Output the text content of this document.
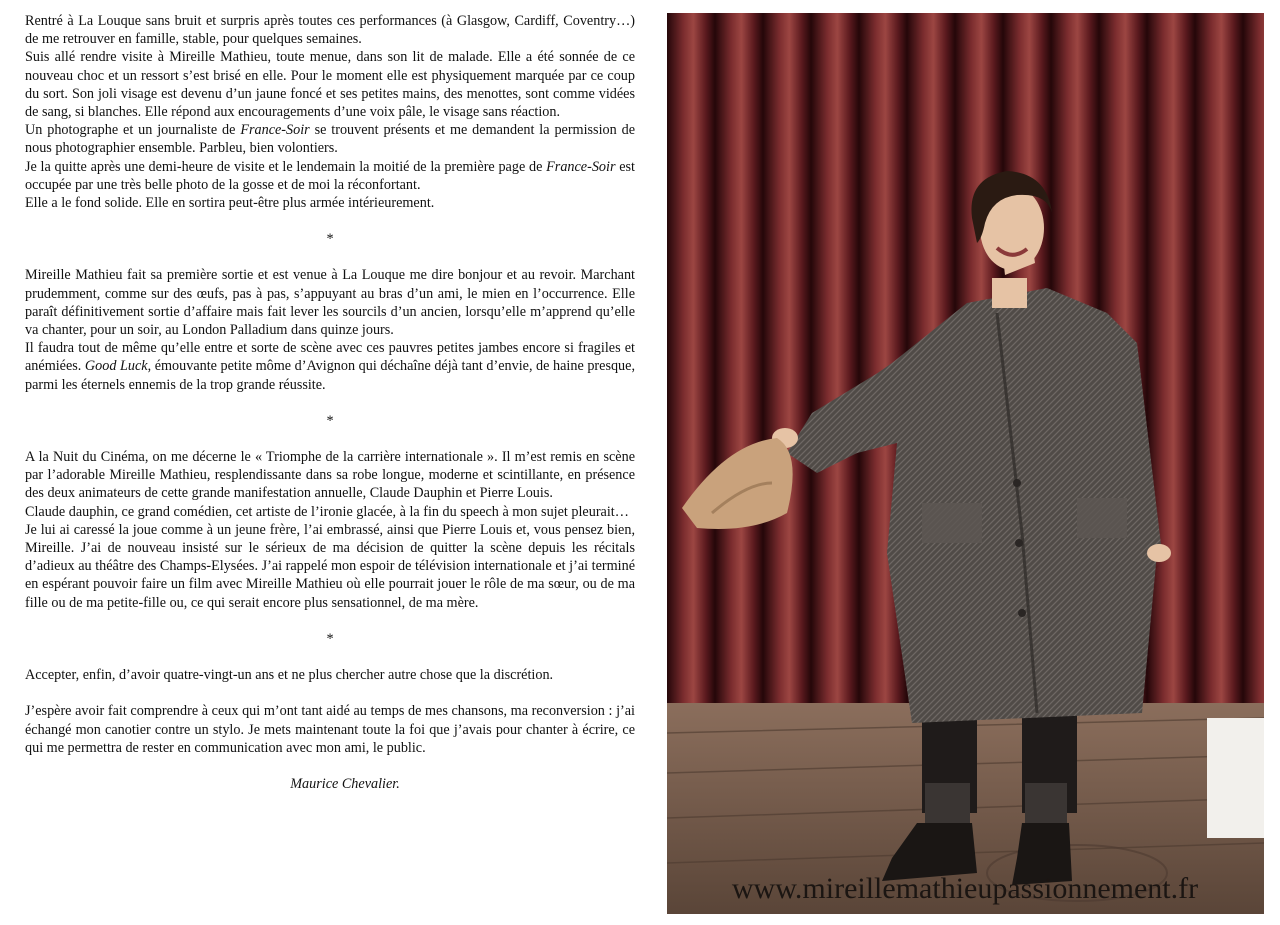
Rentré à La Louque sans bruit et surpris après toutes ces performances (à Glasgow, Cardiff, Coventry…) de me retrouver en famille, stable, pour quelques semaines.

Suis allé rendre visite à Mireille Mathieu, toute menue, dans son lit de malade. Elle a été sonnée de ce nouveau choc et un ressort s’est brisé en elle. Pour le moment elle est physiquement marquée par ce coup du sort. Son joli visage est devenu d’un jaune foncé et ses petites mains, des menottes, sont comme vidées de sang, si blanches. Elle répond aux encouragements d’une voix pâle, le visage sans réaction.

Un photographe et un journaliste de France-Soir se trouvent présents et me demandent la permission de nous photographier ensemble. Parbleu, bien volontiers.

Je la quitte après une demi-heure de visite et le lendemain la moitié de la première page de France-Soir est occupée par une très belle photo de la gosse et de moi la réconfortant.

Elle a le fond solide. Elle en sortira peut-être plus armée intérieurement.

*

Mireille Mathieu fait sa première sortie et est venue à La Louque me dire bonjour et au revoir. Marchant prudemment, comme sur des œufs, pas à pas, s’appuyant au bras d’un ami, le mien en l’occurrence. Elle paraît définitivement sortie d’affaire mais fait lever les sourcils d’un ancien, lorsqu’elle m’apprend qu’elle va chanter, pour un soir, au London Palladium dans quinze jours.

Il faudra tout de même qu’elle entre et sorte de scène avec ces pauvres petites jambes encore si fragiles et anémiées. Good Luck, émouvante petite môme d’Avignon qui déchaîne déjà tant d’envie, de haine presque, parmi les éternels ennemis de la trop grande réussite.

*

A la Nuit du Cinéma, on me décerne le « Triomphe de la carrière internationale ». Il m’est remis en scène par l’adorable Mireille Mathieu, resplendissante dans sa robe longue, moderne et scintillante, en présence des deux animateurs de cette grande manifestation annuelle, Claude Dauphin et Pierre Louis.

Claude dauphin, ce grand comédien, cet artiste de l’ironie glacée, à la fin du speech à mon sujet pleurait…

Je lui ai caressé la joue comme à un jeune frère, l’ai embrassé, ainsi que Pierre Louis et, vous pensez bien, Mireille. J’ai de nouveau insisté sur le sérieux de ma décision de quitter la scène depuis les récitals d’adieux au théâtre des Champs-Elysées. J’ai rappelé mon espoir de télévision internationale et j’ai terminé en espérant pouvoir faire un film avec Mireille Mathieu où elle pourrait jouer le rôle de ma sœur, ou de ma fille ou de ma petite-fille ou, ce qui serait encore plus sensationnel, de ma mère.

*

Accepter, enfin, d’avoir quatre-vingt-un ans et ne plus chercher autre chose que la discrétion.

J’espère avoir fait comprendre à ceux qui m’ont tant aidé au temps de mes chansons, ma reconversion : j’ai échangé mon canotier contre un stylo. Je mets maintenant toute la foi que j’avais pour chanter à écrire, ce qui me permettra de rester en communication avec mon ami, le public.

Maurice Chevalier.

www.mireillemathieupassionnement.fr
